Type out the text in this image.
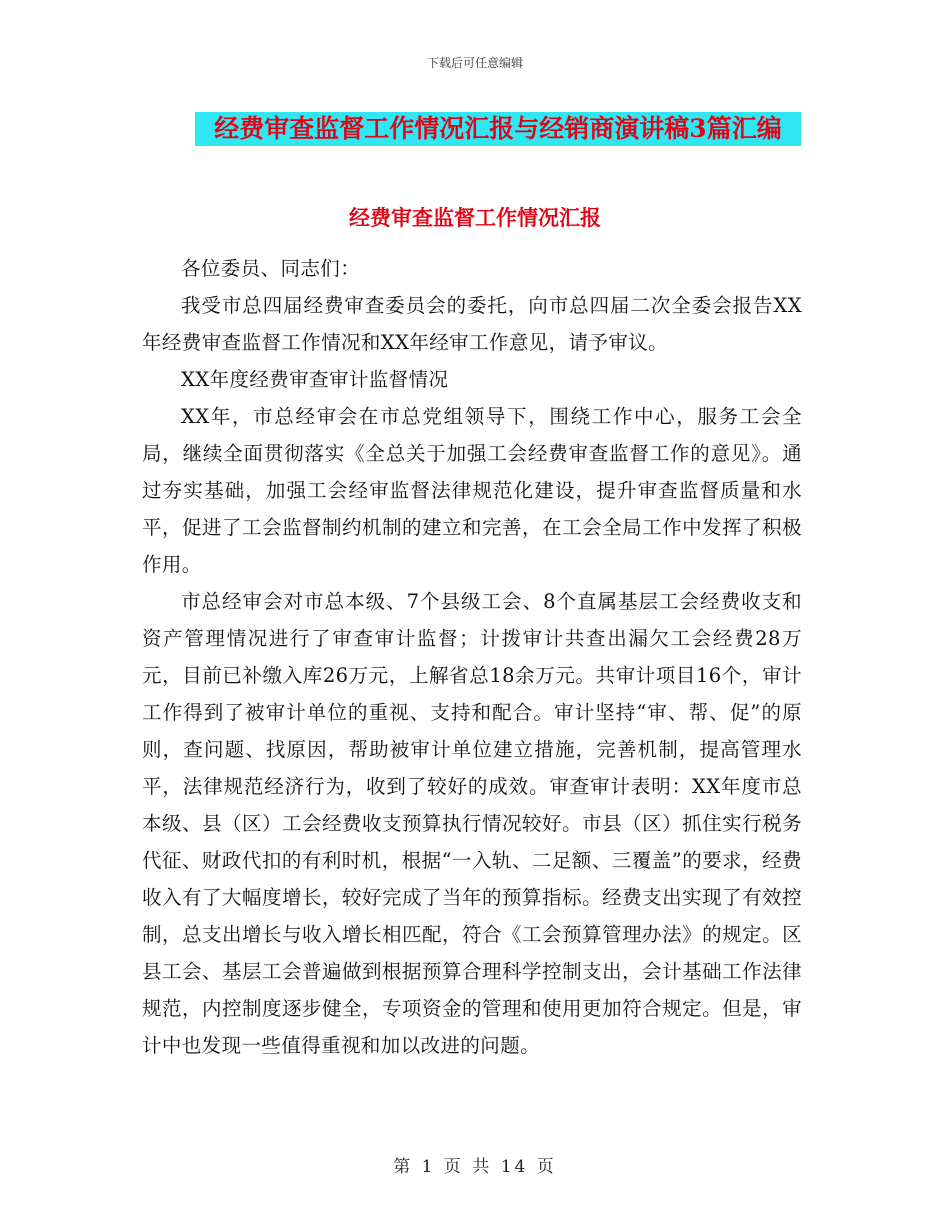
下载后可任意编辑
经费审查监督工作情况汇报与经销商演讲稿3篇汇编
经费审查监督工作情况汇报

各位委员、同志们：

我受市总四届经费审查委员会的委托，向市总四届二次全委会报告XX年经费审查监督工作情况和XX年经审工作意见，请予审议。

XX年度经费审查审计监督情况

XX年，市总经审会在市总党组领导下，围绕工作中心，服务工会全局，继续全面贯彻落实《全总关于加强工会经费审查监督工作的意见》。通过夯实基础，加强工会经审监督法律规范化建设，提升审查监督质量和水平，促进了工会监督制约机制的建立和完善，在工会全局工作中发挥了积极作用。

市总经审会对市总本级、7个县级工会、8个直属基层工会经费收支和资产管理情况进行了审查审计监督；计拨审计共查出漏欠工会经费28万元，目前已补缴入库26万元，上解省总18余万元。共审计项目16个，审计工作得到了被审计单位的重视、支持和配合。审计坚持“审、帮、促”的原则，查问题、找原因，帮助被审计单位建立措施，完善机制，提高管理水平，法律规范经济行为，收到了较好的成效。审查审计表明：XX年度市总本级、县（区）工会经费收支预算执行情况较好。市县（区）抓住实行税务代征、财政代扣的有利时机，根据“一入轨、二足额、三覆盖”的要求，经费收入有了大幅度增长，较好完成了当年的预算指标。经费支出实现了有效控制，总支出增长与收入增长相匹配，符合《工会预算管理办法》的规定。区县工会、基层工会普遍做到根据预算合理科学控制支出，会计基础工作法律规范，内控制度逐步健全，专项资金的管理和使用更加符合规定。但是，审计中也发现一些值得重视和加以改进的问题。

第 1 页 共 14 页
